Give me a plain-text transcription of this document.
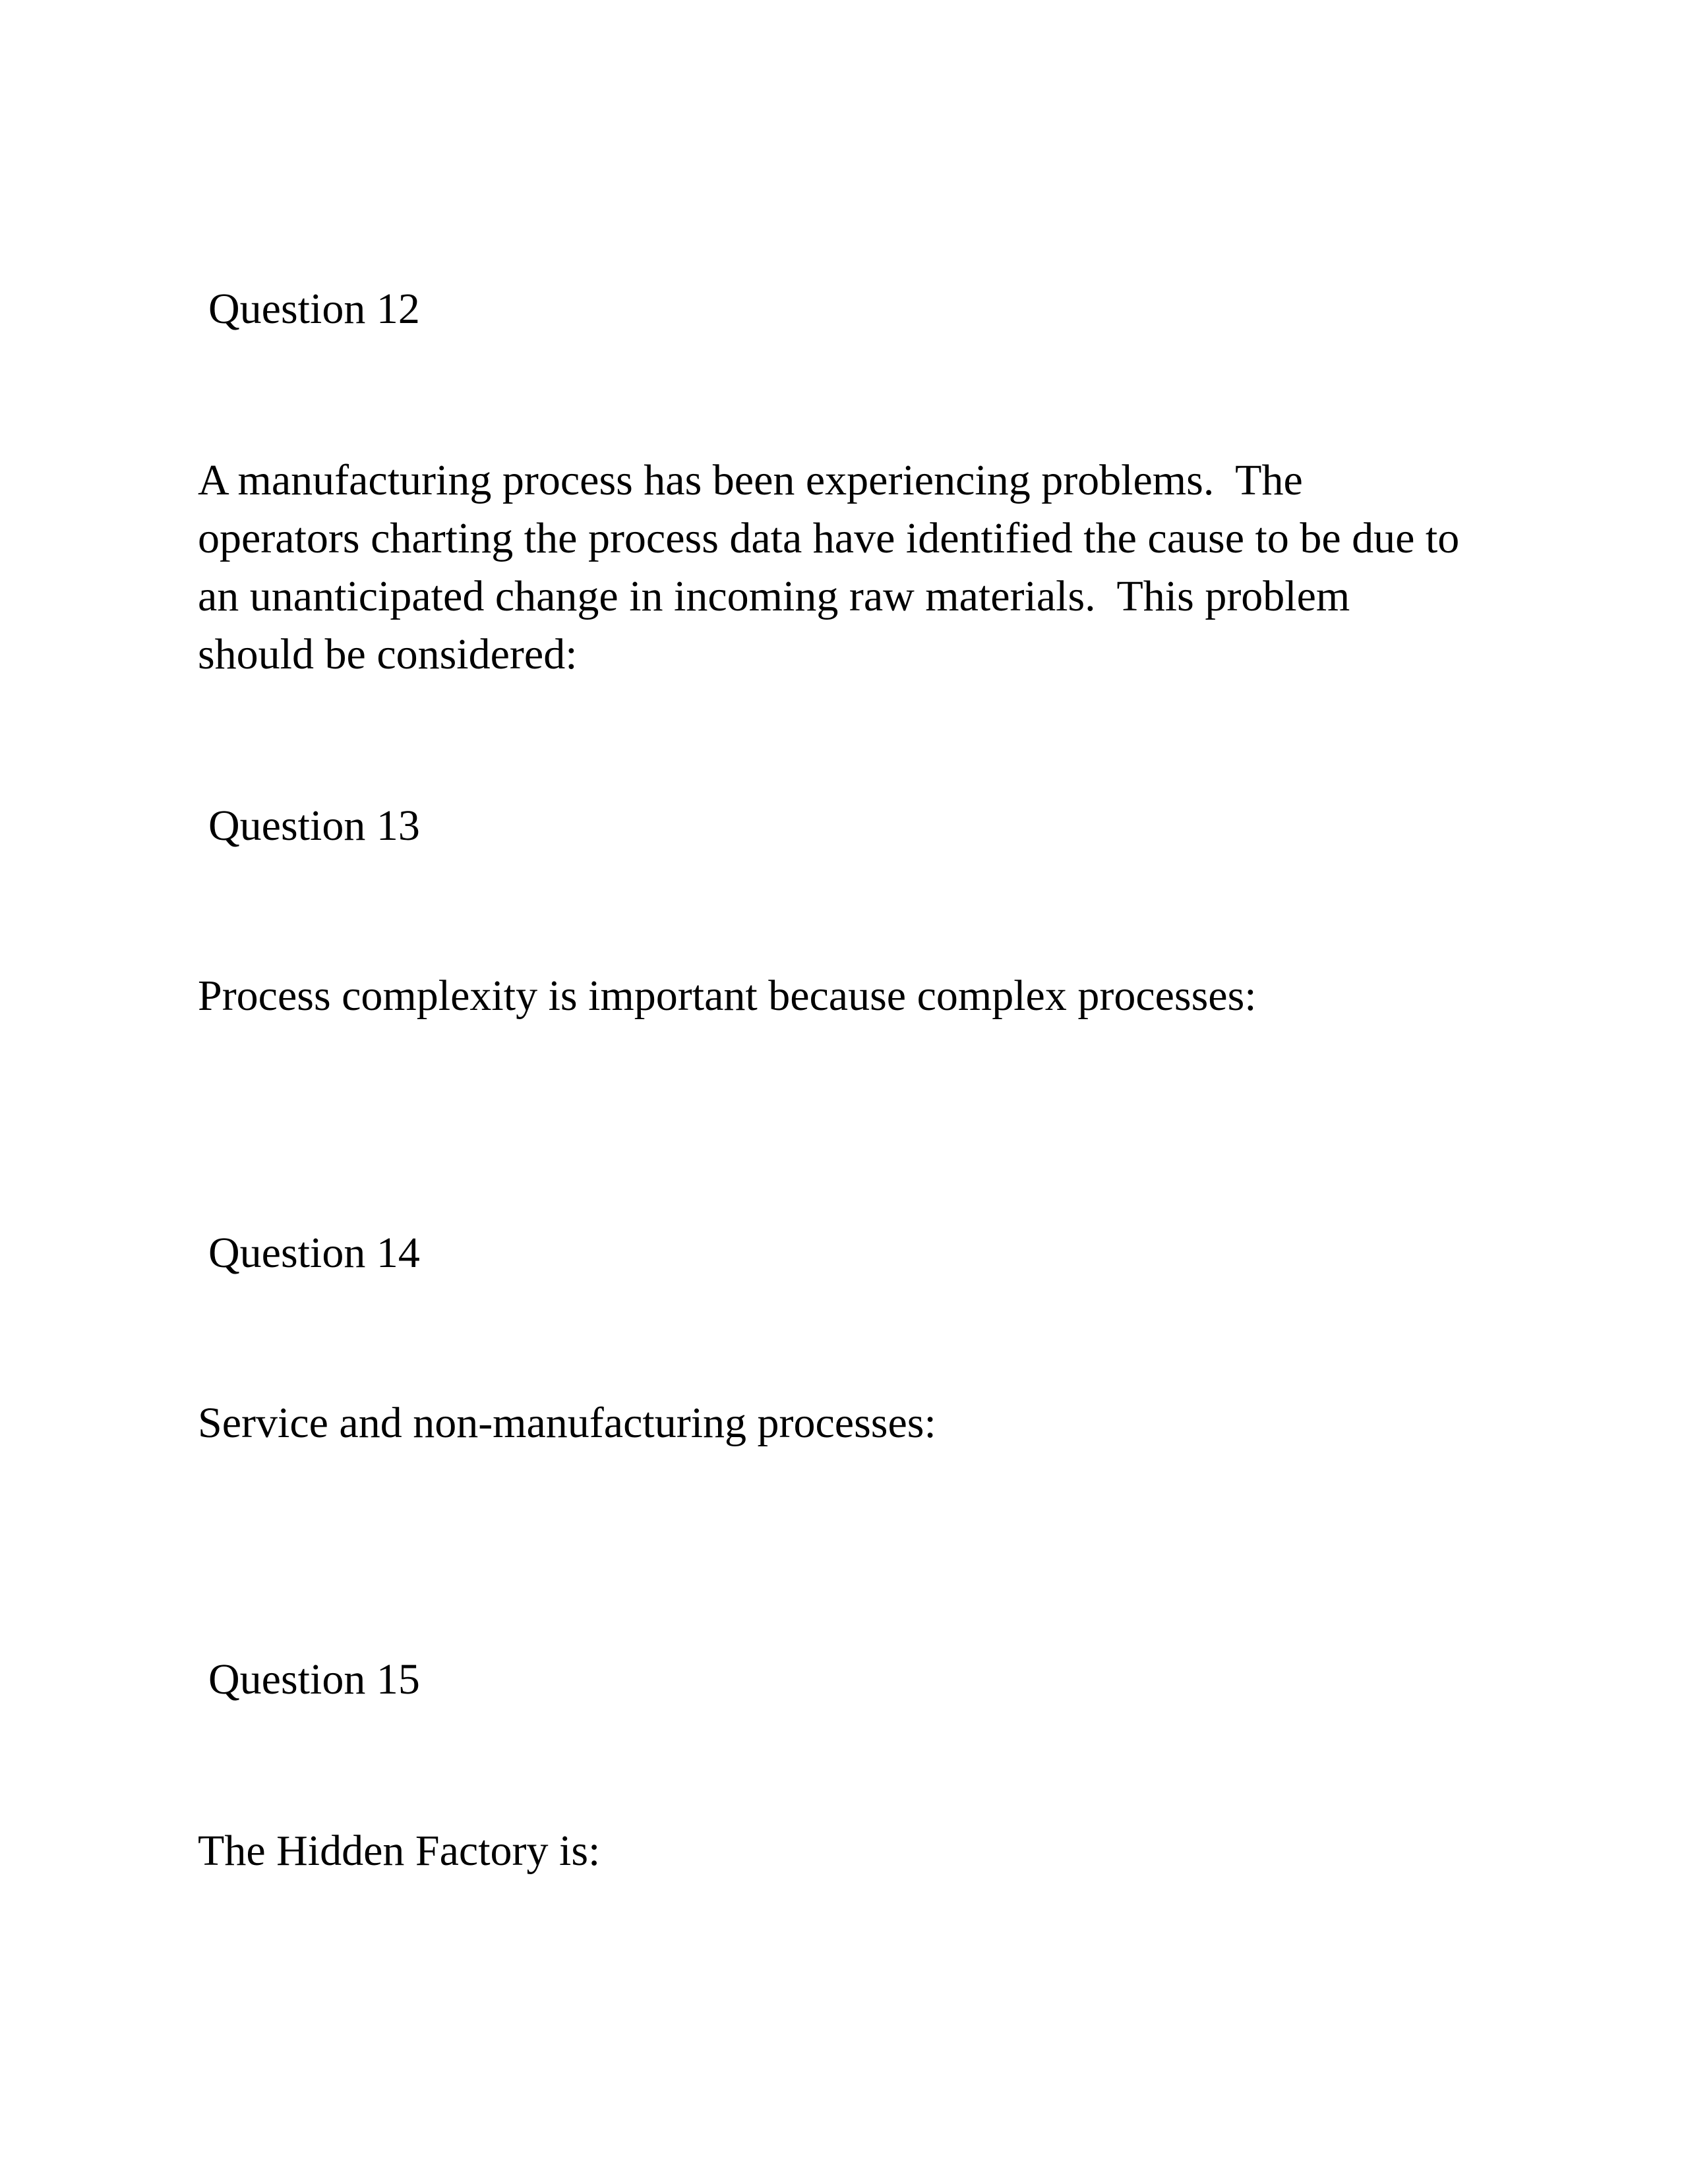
Question 12
A manufacturing process has been experiencing problems.  The
operators charting the process data have identified the cause to be due to
an unanticipated change in incoming raw materials.  This problem
should be considered:
Question 13
Process complexity is important because complex processes:
Question 14
Service and non-manufacturing processes:
Question 15
The Hidden Factory is:
